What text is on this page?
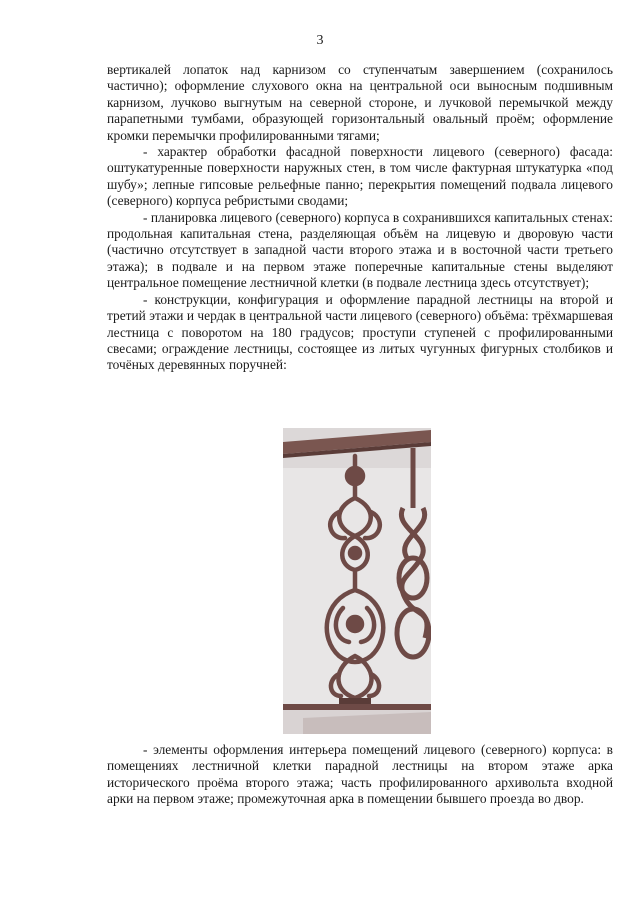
3

вертикалей лопаток над карнизом со ступенчатым завершением (сохранилось частично); оформление слухового окна на центральной оси выносным подшивным карнизом, лучково выгнутым на северной стороне, и лучковой перемычкой между парапетными тумбами, образующей горизонтальный овальный проём; оформление кромки перемычки профилированными тягами;

- характер обработки фасадной поверхности лицевого (северного) фасада: оштукатуренные поверхности наружных стен, в том числе фактурная штукатурка «под шубу»; лепные гипсовые рельефные панно; перекрытия помещений подвала лицевого (северного) корпуса ребристыми сводами;

- планировка лицевого (северного) корпуса в сохранившихся капитальных стенах: продольная капитальная стена, разделяющая объём на лицевую и дворовую части (частично отсутствует в западной части второго этажа и в восточной части третьего этажа); в подвале и на первом этаже поперечные капитальные стены выделяют центральное помещение лестничной клетки (в подвале лестница здесь отсутствует);

- конструкции, конфигурация и оформление парадной лестницы на второй и третий этажи и чердак в центральной части лицевого (северного) объёма: трёхмаршевая лестница с поворотом на 180 градусов; проступи ступеней с профилированными свесами; ограждение лестницы, состоящее из литых чугунных фигурных столбиков и точёных деревянных поручней:

- элементы оформления интерьера помещений лицевого (северного) корпуса: в помещениях лестничной клетки парадной лестницы на втором этаже арка исторического проёма второго этажа; часть профилированного архивольта входной арки на первом этаже; промежуточная арка в помещении бывшего проезда во двор.
